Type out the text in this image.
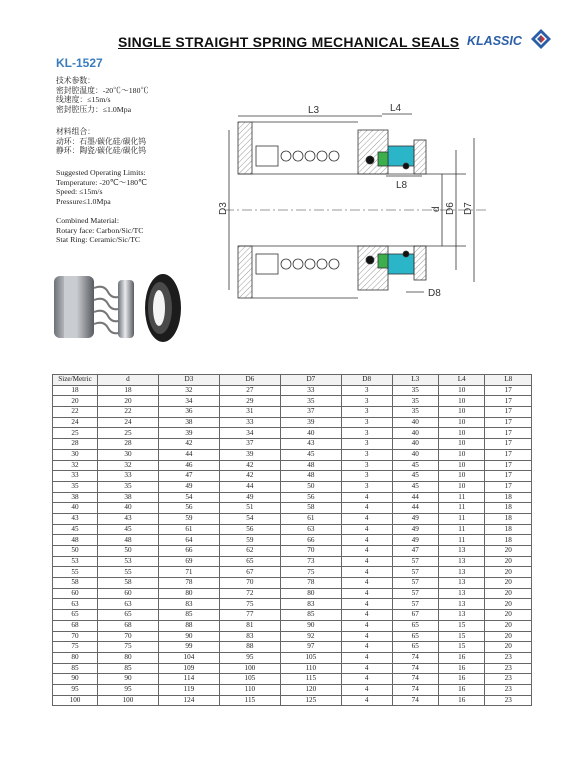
SINGLE STRAIGHT SPRING MECHANICAL SEALS KLASSIC
KL-1527
技术参数：
密封腔温度：-20℃～180℃
线速度：≤15m/s
密封腔压力：≤1.0Mpa
材料组合：
动环：石墨/碳化硅/碳化钨
静环：陶瓷/碳化硅/碳化钨
Suggested Operating Limits:
Temperature: -20℃～180℃
Speed: ≤15m/s
Pressure≤1.0Mpa
Combined Material:
Rotary face: Carbon/Sic/TC
Stat Ring: Ceramic/Sic/TC
L3	L4
L8
D3	d D6 D7
D8
Size/Metric	d	D3	D6	D7	D8	L3	L4	L8
18	18	32	27	33	3	35	10	17
20	20	34	29	35	3	35	10	17
22	22	36	31	37	3	35	10	17
24	24	38	33	39	3	40	10	17
25	25	39	34	40	3	40	10	17
28	28	42	37	43	3	40	10	17
30	30	44	39	45	3	40	10	17
32	32	46	42	48	3	45	10	17
33	33	47	42	48	3	45	10	17
35	35	49	44	50	3	45	10	17
38	38	54	49	56	4	44	11	18
40	40	56	51	58	4	44	11	18
43	43	59	54	61	4	49	11	18
45	45	61	56	63	4	49	11	18
48	48	64	59	66	4	49	11	18
50	50	66	62	70	4	47	13	20
53	53	69	65	73	4	57	13	20
55	55	71	67	75	4	57	13	20
58	58	78	70	78	4	57	13	20
60	60	80	72	80	4	57	13	20
63	63	83	75	83	4	57	13	20
65	65	85	77	85	4	67	13	20
68	68	88	81	90	4	65	15	20
70	70	90	83	92	4	65	15	20
75	75	99	88	97	4	65	15	20
80	80	104	95	105	4	74	16	23
85	85	109	100	110	4	74	16	23
90	90	114	105	115	4	74	16	23
95	95	119	110	120	4	74	16	23
100	100	124	115	125	4	74	16	23
